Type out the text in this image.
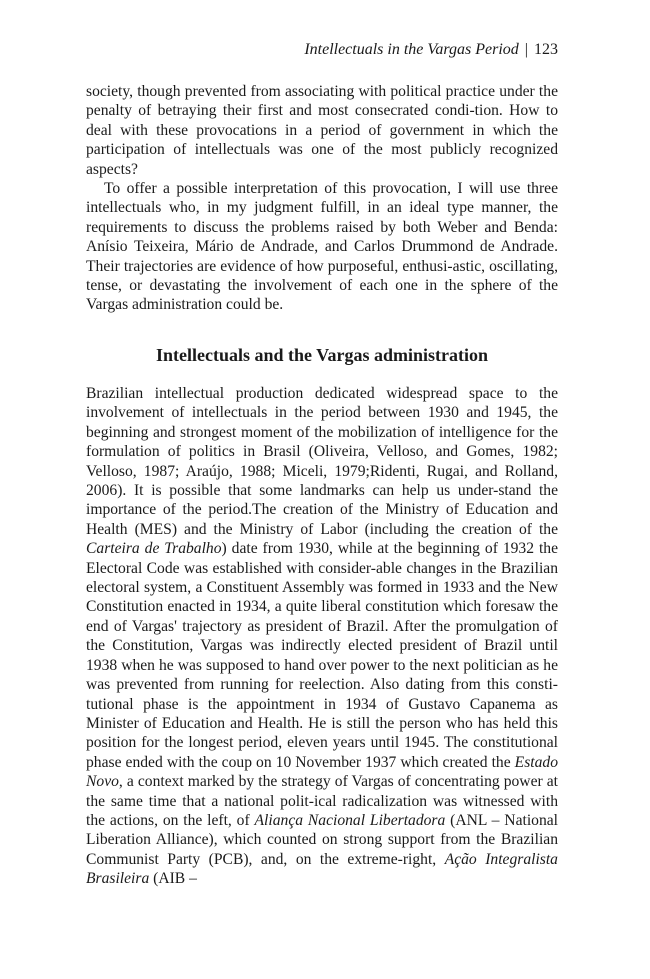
Intellectuals in the Vargas Period | 123

society, though prevented from associating with political practice under the penalty of betraying their first and most consecrated condi-tion. How to deal with these provocations in a period of government in which the participation of intellectuals was one of the most publicly recognized aspects?

To offer a possible interpretation of this provocation, I will use three intellectuals who, in my judgment fulfill, in an ideal type manner, the requirements to discuss the problems raised by both Weber and Benda: Anísio Teixeira, Mário de Andrade, and Carlos Drummond de Andrade. Their trajectories are evidence of how purposeful, enthusi-astic, oscillating, tense, or devastating the involvement of each one in the sphere of the Vargas administration could be.

Intellectuals and the Vargas administration

Brazilian intellectual production dedicated widespread space to the involvement of intellectuals in the period between 1930 and 1945, the beginning and strongest moment of the mobilization of intelligence for the formulation of politics in Brasil (Oliveira, Velloso, and Gomes, 1982; Velloso, 1987; Araújo, 1988; Miceli, 1979;Ridenti, Rugai, and Rolland, 2006). It is possible that some landmarks can help us under-stand the importance of the period.The creation of the Ministry of Education and Health (MES) and the Ministry of Labor (including the creation of the Carteira de Trabalho) date from 1930, while at the beginning of 1932 the Electoral Code was established with consider-able changes in the Brazilian electoral system, a Constituent Assembly was formed in 1933 and the New Constitution enacted in 1934, a quite liberal constitution which foresaw the end of Vargas' trajectory as president of Brazil. After the promulgation of the Constitution, Vargas was indirectly elected president of Brazil until 1938 when he was supposed to hand over power to the next politician as he was prevented from running for reelection. Also dating from this consti-tutional phase is the appointment in 1934 of Gustavo Capanema as Minister of Education and Health. He is still the person who has held this position for the longest period, eleven years until 1945. The constitutional phase ended with the coup on 10 November 1937 which created the Estado Novo, a context marked by the strategy of Vargas of concentrating power at the same time that a national polit-ical radicalization was witnessed with the actions, on the left, of Aliança Nacional Libertadora (ANL – National Liberation Alliance), which counted on strong support from the Brazilian Communist Party (PCB), and, on the extreme-right, Ação Integralista Brasileira (AIB –
